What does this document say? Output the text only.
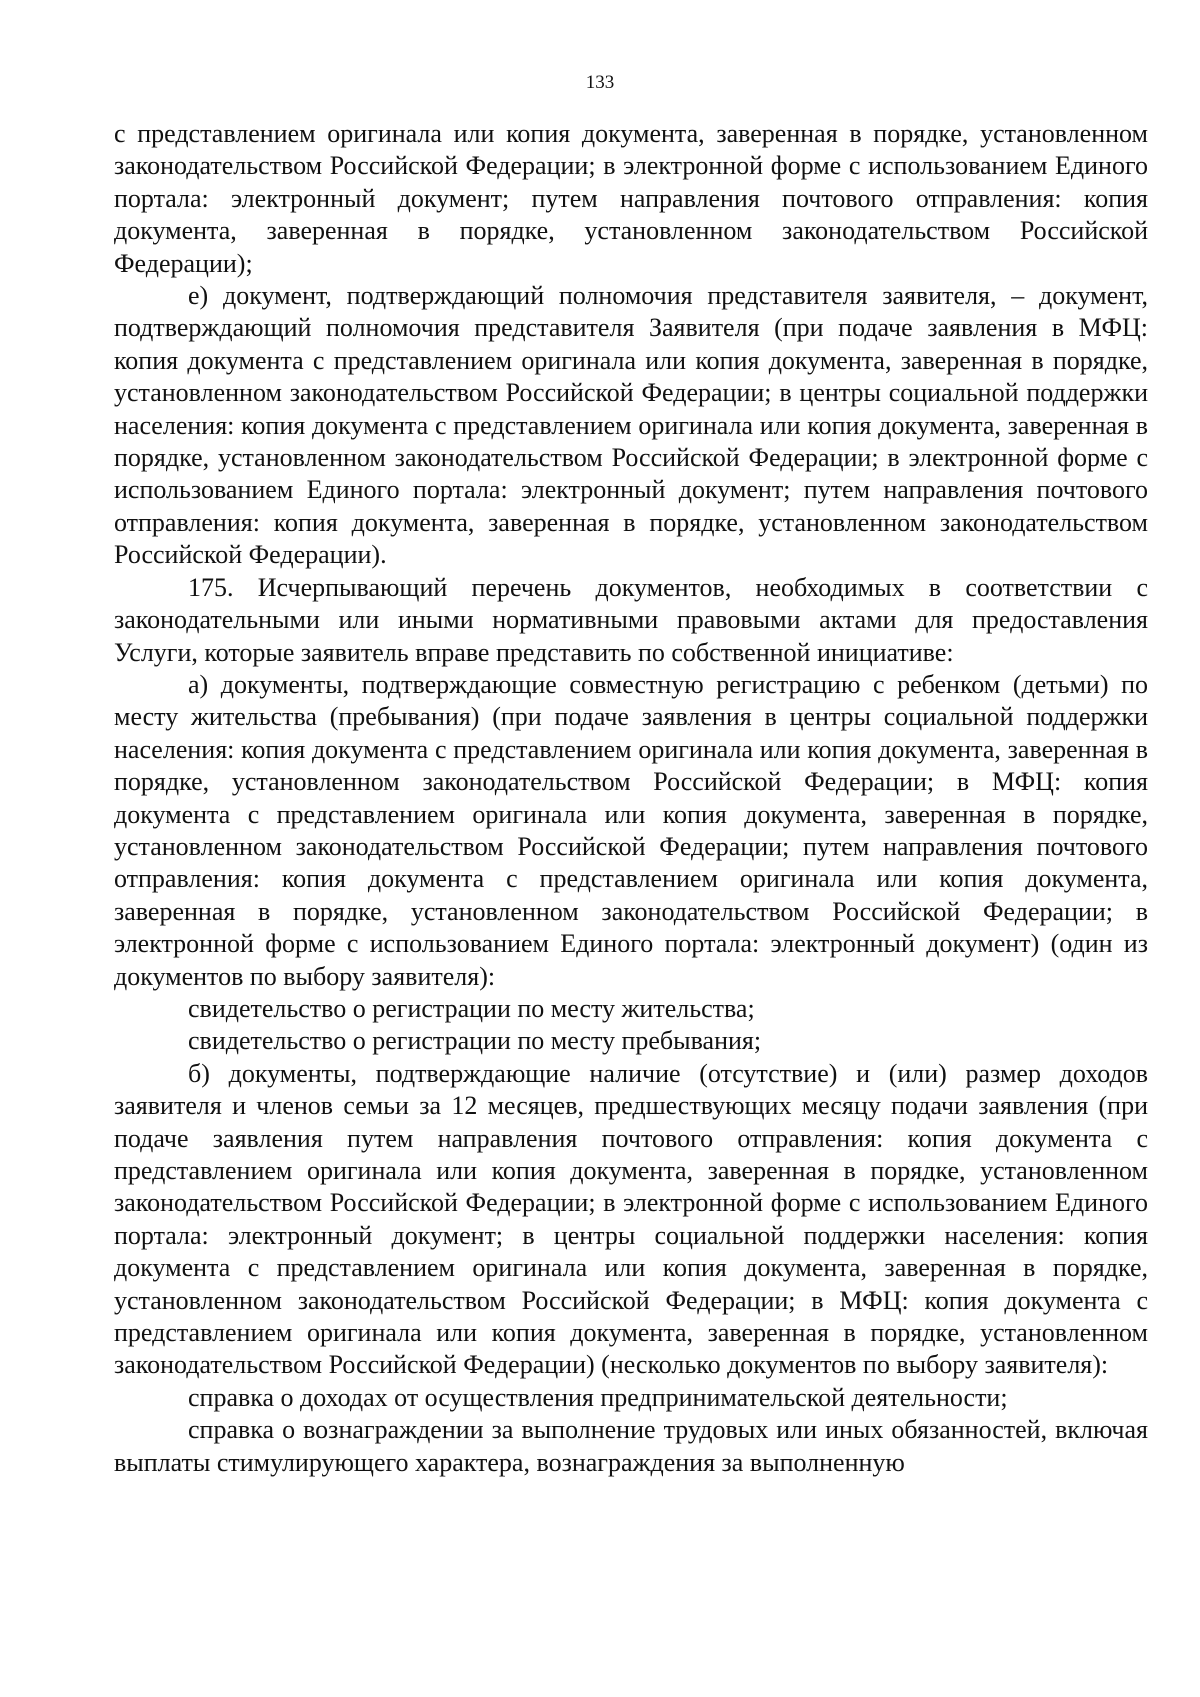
133

с представлением оригинала или копия документа, заверенная в порядке, установленном законодательством Российской Федерации; в электронной форме с использованием Единого портала: электронный документ; путем направления почтового отправления: копия документа, заверенная в порядке, установленном законодательством Российской Федерации);

е) документ, подтверждающий полномочия представителя заявителя, – документ, подтверждающий полномочия представителя Заявителя (при подаче заявления в МФЦ: копия документа с представлением оригинала или копия документа, заверенная в порядке, установленном законодательством Российской Федерации; в центры социальной поддержки населения: копия документа с представлением оригинала или копия документа, заверенная в порядке, установленном законодательством Российской Федерации; в электронной форме с использованием Единого портала: электронный документ; путем направления почтового отправления: копия документа, заверенная в порядке, установленном законодательством Российской Федерации).

175. Исчерпывающий перечень документов, необходимых в соответствии с законодательными или иными нормативными правовыми актами для предоставления Услуги, которые заявитель вправе представить по собственной инициативе:

а) документы, подтверждающие совместную регистрацию с ребенком (детьми) по месту жительства (пребывания) (при подаче заявления в центры социальной поддержки населения: копия документа с представлением оригинала или копия документа, заверенная в порядке, установленном законодательством Российской Федерации; в МФЦ: копия документа с представлением оригинала или копия документа, заверенная в порядке, установленном законодательством Российской Федерации; путем направления почтового отправления: копия документа с представлением оригинала или копия документа, заверенная в порядке, установленном законодательством Российской Федерации; в электронной форме с использованием Единого портала: электронный документ) (один из документов по выбору заявителя):

свидетельство о регистрации по месту жительства;

свидетельство о регистрации по месту пребывания;

б) документы, подтверждающие наличие (отсутствие) и (или) размер доходов заявителя и членов семьи за 12 месяцев, предшествующих месяцу подачи заявления (при подаче заявления путем направления почтового отправления: копия документа с представлением оригинала или копия документа, заверенная в порядке, установленном законодательством Российской Федерации; в электронной форме с использованием Единого портала: электронный документ; в центры социальной поддержки населения: копия документа с представлением оригинала или копия документа, заверенная в порядке, установленном законодательством Российской Федерации; в МФЦ: копия документа с представлением оригинала или копия документа, заверенная в порядке, установленном законодательством Российской Федерации) (несколько документов по выбору заявителя):

справка о доходах от осуществления предпринимательской деятельности;

справка о вознаграждении за выполнение трудовых или иных обязанностей, включая выплаты стимулирующего характера, вознаграждения за выполненную
